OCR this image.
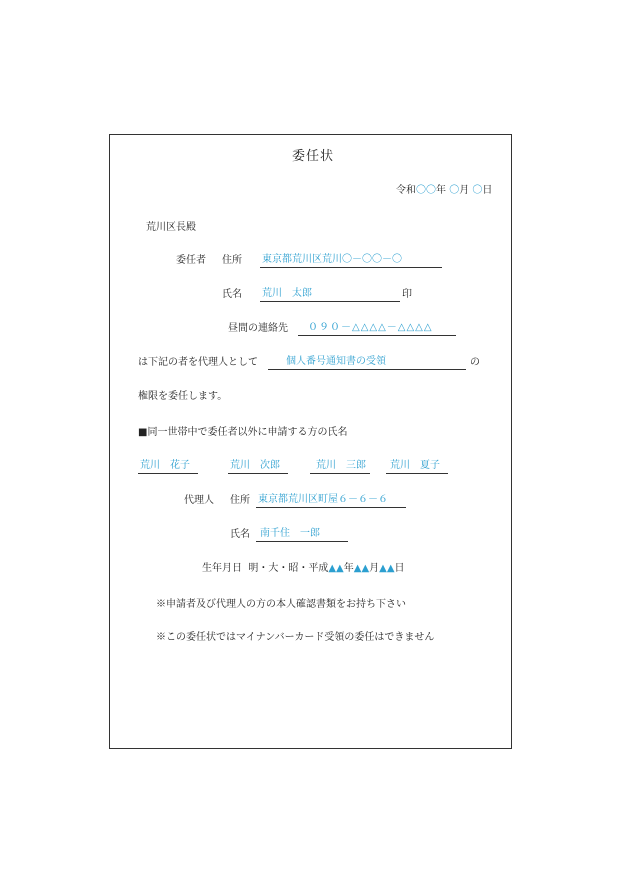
委任状
令和〇〇年 〇月 〇日
荒川区長殿
委任者 住所 東京都荒川区荒川〇－〇〇－〇
氏名 荒川　太郎	印
昼間の連絡先 ０９０－△△△△－△△△△
は下記の者を代理人として	個人番号通知書の受領	の
権限を委任します。
■同一世帯中で委任者以外に申請する方の氏名
荒川　花子	荒川　次郎	荒川　三郎 荒川　夏子
代理人 住所 東京都荒川区町屋６－６－６
氏名 南千住　一郎
生年月日 明・大・昭・平成▲▲年▲▲月▲▲日
※申請者及び代理人の方の本人確認書類をお持ち下さい
※この委任状ではマイナンバーカード受領の委任はできません
